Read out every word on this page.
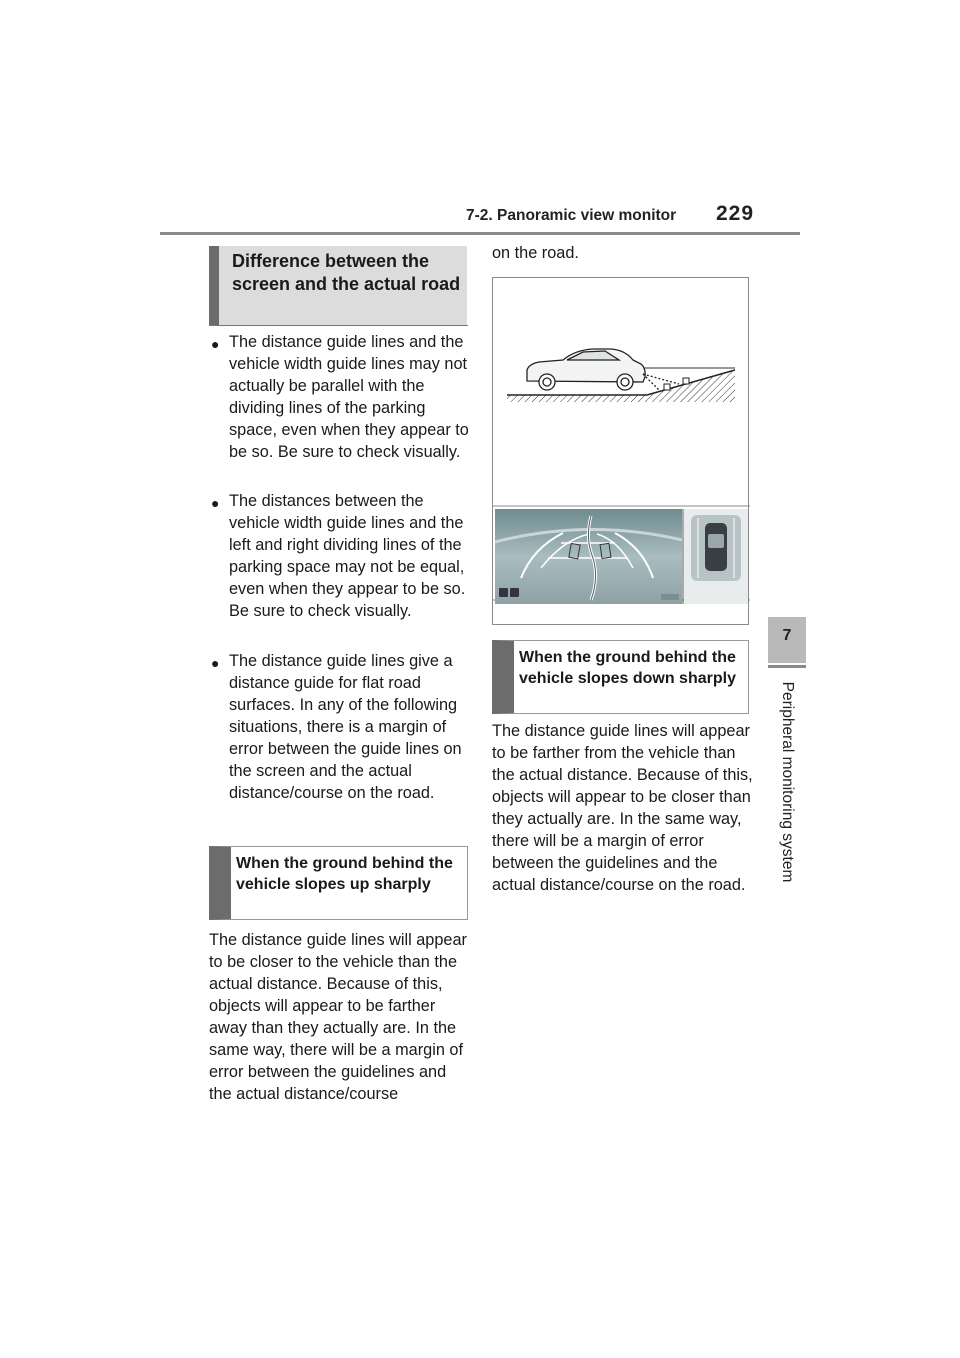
7-2. Panoramic view monitor 229
7
Peripheral monitoring system
Difference between the screen and the actual road
● The distance guide lines and the vehicle width guide lines may not actually be parallel with the dividing lines of the parking space, even when they appear to be so. Be sure to check visually.
● The distances between the vehicle width guide lines and the left and right dividing lines of the parking space may not be equal, even when they appear to be so. Be sure to check visually.
● The distance guide lines give a distance guide for flat road surfaces. In any of the following situations, there is a margin of error between the guide lines on the screen and the actual distance/course on the road.
When the ground behind the vehicle slopes up sharply
The distance guide lines will appear to be closer to the vehicle than the actual distance. Because of this, objects will appear to be farther away than they actually are. In the same way, there will be a margin of error between the guidelines and the actual distance/course
on the road.
When the ground behind the vehicle slopes down sharply
The distance guide lines will appear to be farther from the vehicle than the actual distance. Because of this, objects will appear to be closer than they actually are. In the same way, there will be a margin of error between the guidelines and the actual distance/course on the road.
